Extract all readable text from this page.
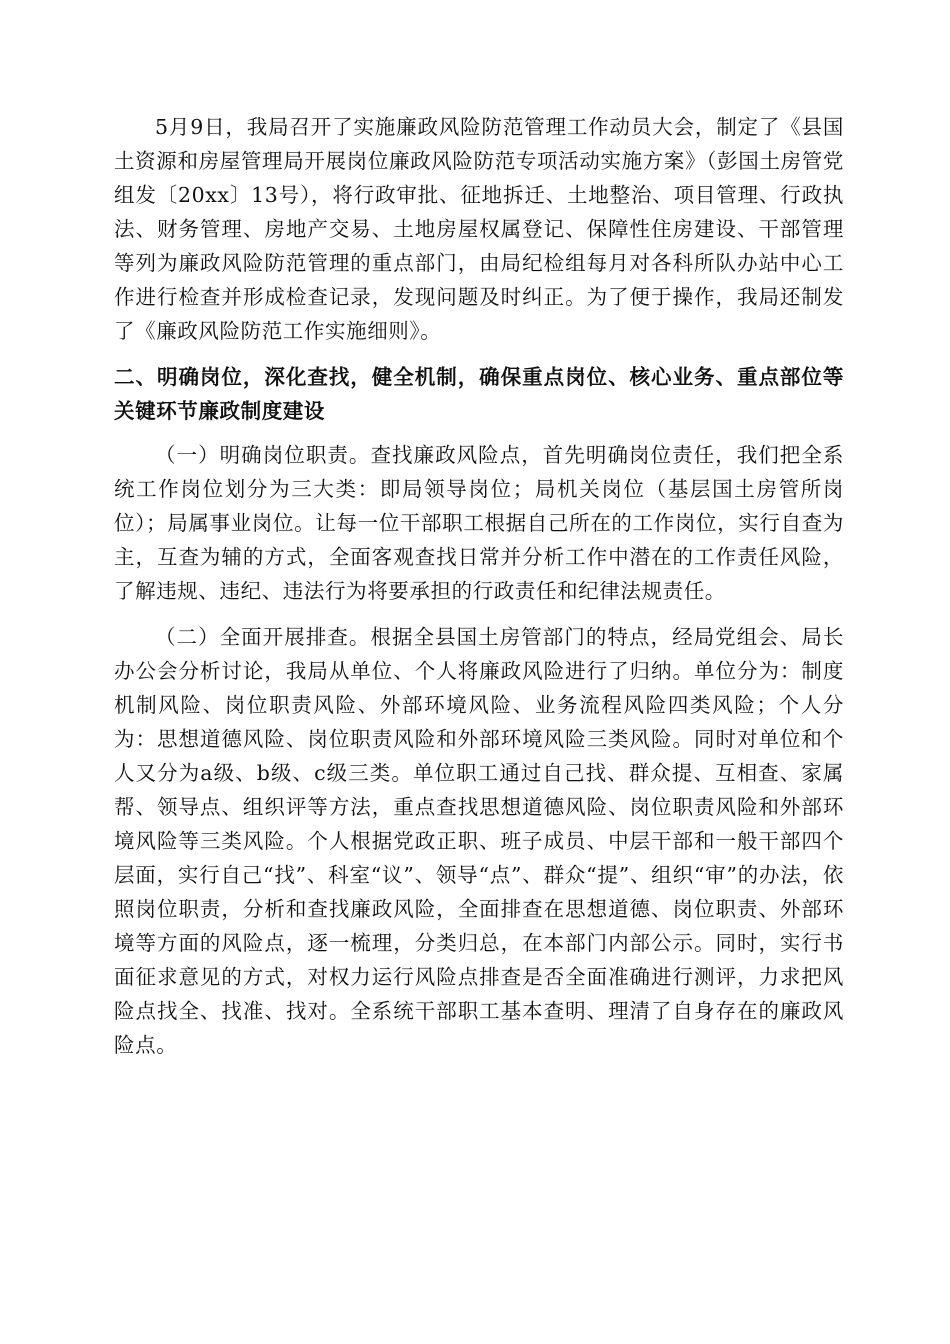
5月9日，我局召开了实施廉政风险防范管理工作动员大会，制定了《县国土资源和房屋管理局开展岗位廉政风险防范专项活动实施方案》（彭国土房管党组发〔20xx〕13号），将行政审批、征地拆迁、土地整治、项目管理、行政执法、财务管理、房地产交易、土地房屋权属登记、保障性住房建设、干部管理等列为廉政风险防范管理的重点部门，由局纪检组每月对各科所队办站中心工作进行检查并形成检查记录，发现问题及时纠正。为了便于操作，我局还制发了《廉政风险防范工作实施细则》。

二、明确岗位，深化查找，健全机制，确保重点岗位、核心业务、重点部位等关键环节廉政制度建设

（一）明确岗位职责。查找廉政风险点，首先明确岗位责任，我们把全系统工作岗位划分为三大类：即局领导岗位；局机关岗位（基层国土房管所岗位）；局属事业岗位。让每一位干部职工根据自己所在的工作岗位，实行自查为主，互查为辅的方式，全面客观查找日常并分析工作中潜在的工作责任风险，了解违规、违纪、违法行为将要承担的行政责任和纪律法规责任。

（二）全面开展排查。根据全县国土房管部门的特点，经局党组会、局长办公会分析讨论，我局从单位、个人将廉政风险进行了归纳。单位分为：制度机制风险、岗位职责风险、外部环境风险、业务流程风险四类风险；个人分为：思想道德风险、岗位职责风险和外部环境风险三类风险。同时对单位和个人又分为a级、b级、c级三类。单位职工通过自己找、群众提、互相查、家属帮、领导点、组织评等方法，重点查找思想道德风险、岗位职责风险和外部环境风险等三类风险。个人根据党政正职、班子成员、中层干部和一般干部四个层面，实行自己“找”、科室“议”、领导“点”、群众“提”、组织“审”的办法，依照岗位职责，分析和查找廉政风险，全面排查在思想道德、岗位职责、外部环境等方面的风险点，逐一梳理，分类归总，在本部门内部公示。同时，实行书面征求意见的方式，对权力运行风险点排查是否全面准确进行测评，力求把风险点找全、找准、找对。全系统干部职工基本查明、理清了自身存在的廉政风险点。
